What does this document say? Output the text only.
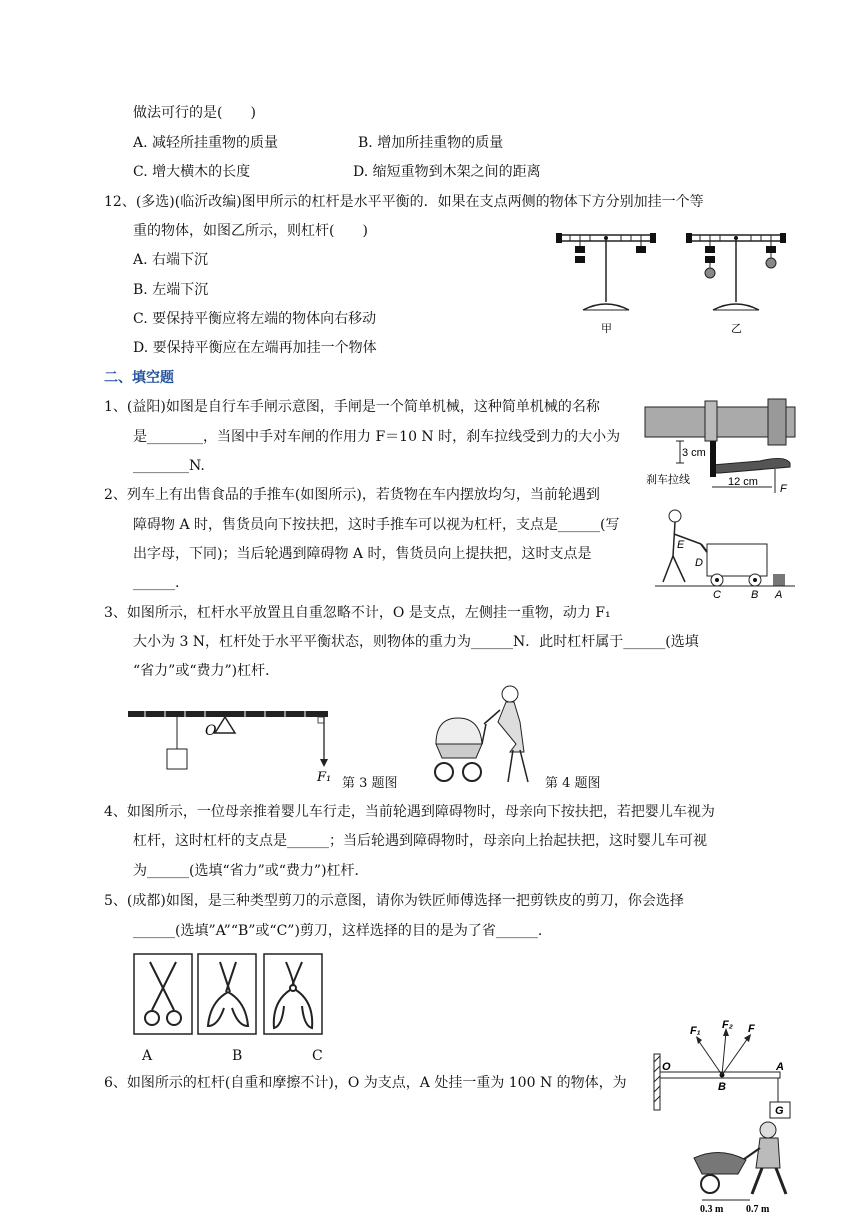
做法可行的是(　　)
A. 减轻所挂重物的质量	B. 增加所挂重物的质量
C. 增大横木的长度	D. 缩短重物到木架之间的距离
12、(多选)(临沂改编)图甲所示的杠杆是水平平衡的．如果在支点两侧的物体下方分别加挂一个等
重的物体，如图乙所示，则杠杆(　　)
A. 右端下沉
B. 左端下沉
C. 要保持平衡应将左端的物体向右移动
D. 要保持平衡应在左端再加挂一个物体
二、填空题
1、(益阳)如图是自行车手闸示意图，手闸是一个简单机械，这种简单机械的名称
是________，当图中手对车闸的作用力 F＝10 N 时，刹车拉线受到力的大小为
________N.
2、列车上有出售食品的手推车(如图所示)，若货物在车内摆放均匀，当前轮遇到
障碍物 A 时，售货员向下按扶把，这时手推车可以视为杠杆，支点是______(写
出字母，下同)；当后轮遇到障碍物 A 时，售货员向上提扶把，这时支点是
______.
3、如图所示，杠杆水平放置且自重忽略不计，O 是支点，左侧挂一重物，动力 F₁
大小为 3 N，杠杆处于水平平衡状态，则物体的重力为______N．此时杠杆属于______(选填
“省力”或“费力”)杠杆．
4、如图所示，一位母亲推着婴儿车行走，当前轮遇到障碍物时，母亲向下按扶把，若把婴儿车视为
杠杆，这时杠杆的支点是______；当后轮遇到障碍物时，母亲向上抬起扶把，这时婴儿车可视
为______(选填“省力”或“费力”)杠杆．
5、(成都)如图，是三种类型剪刀的示意图，请你为铁匠师傅选择一把剪铁皮的剪刀，你会选择
______(选填”A”“B”或“C”)剪刀，这样选择的目的是为了省______.
6、如图所示的杠杆(自重和摩擦不计)，O 为支点，A 处挂一重为 100 N 的物体，为
甲	乙
3 cm
12 cm
刹车拉线
F
E
D
C	B A
O
F₁ 第 3 题图	第 4 题图
A	B	C
O
F₁ F₂ F
A
B
G
0.3 m 0.7 m
